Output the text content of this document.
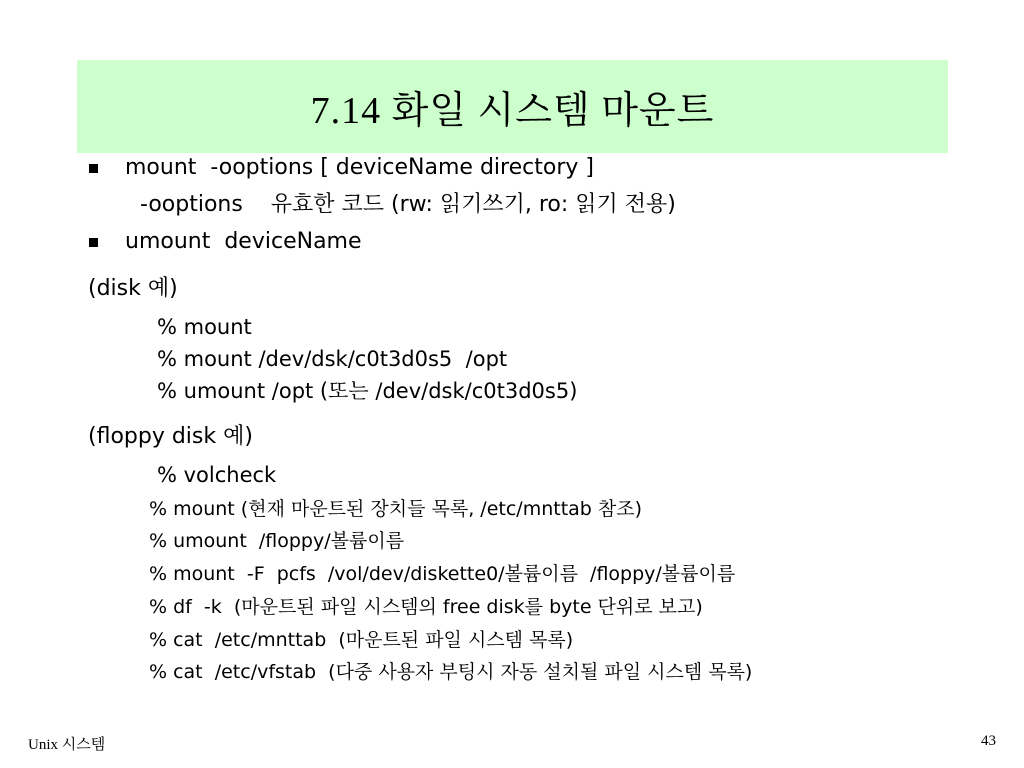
7.14 화일 시스템 마운트
mount  -ooptions [ deviceName directory ]
-ooptions    유효한 코드 (rw: 읽기쓰기, ro: 읽기 전용)
umount  deviceName
(disk 예)
% mount
% mount /dev/dsk/c0t3d0s5  /opt
% umount /opt (또는 /dev/dsk/c0t3d0s5)
(floppy disk 예)
% volcheck
% mount (현재 마운트된 장치들 목록, /etc/mnttab 참조)
% umount  /floppy/볼륨이름
% mount  -F  pcfs  /vol/dev/diskette0/볼륨이름  /floppy/볼륨이름
% df  -k  (마운트된 파일 시스템의 free disk를 byte 단위로 보고)
% cat  /etc/mnttab  (마운트된 파일 시스템 목록)
% cat  /etc/vfstab  (다중 사용자 부팅시 자동 설치될 파일 시스템 목록)
Unix 시스템	43
